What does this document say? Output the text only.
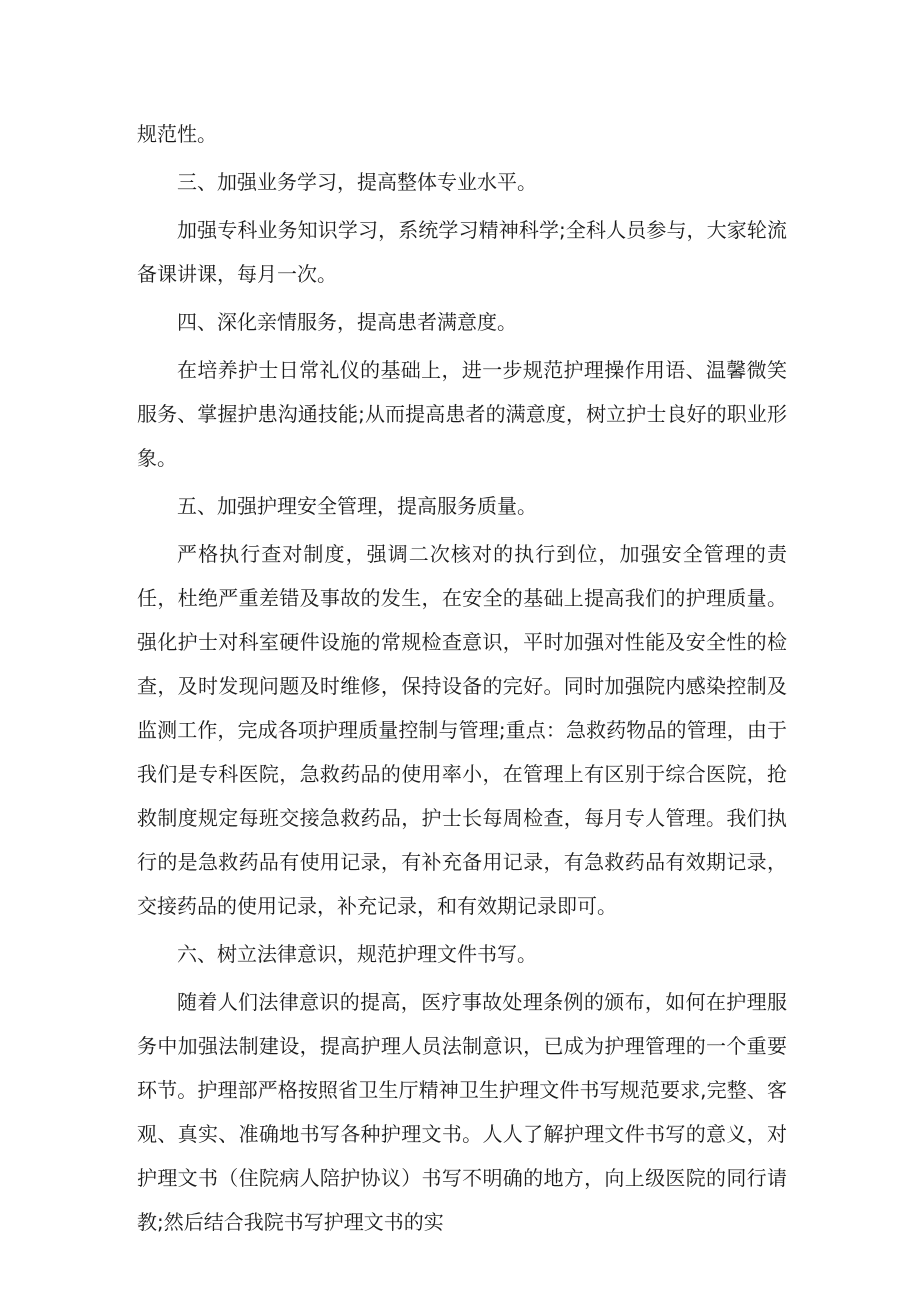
规范性。

三、加强业务学习，提高整体专业水平。

加强专科业务知识学习，系统学习精神科学;全科人员参与，大家轮流备课讲课，每月一次。

四、深化亲情服务，提高患者满意度。

在培养护士日常礼仪的基础上，进一步规范护理操作用语、温馨微笑服务、掌握护患沟通技能;从而提高患者的满意度，树立护士良好的职业形象。

五、加强护理安全管理，提高服务质量。

严格执行查对制度，强调二次核对的执行到位，加强安全管理的责任，杜绝严重差错及事故的发生，在安全的基础上提高我们的护理质量。强化护士对科室硬件设施的常规检查意识，平时加强对性能及安全性的检查，及时发现问题及时维修，保持设备的完好。同时加强院内感染控制及监测工作，完成各项护理质量控制与管理;重点：急救药物品的管理，由于我们是专科医院，急救药品的使用率小，在管理上有区别于综合医院，抢救制度规定每班交接急救药品，护士长每周检查，每月专人管理。我们执行的是急救药品有使用记录，有补充备用记录，有急救药品有效期记录，交接药品的使用记录，补充记录，和有效期记录即可。

六、树立法律意识，规范护理文件书写。

随着人们法律意识的提高，医疗事故处理条例的颁布，如何在护理服务中加强法制建设，提高护理人员法制意识，已成为护理管理的一个重要环节。护理部严格按照省卫生厅精神卫生护理文件书写规范要求,完整、客观、真实、准确地书写各种护理文书。人人了解护理文件书写的意义，对护理文书（住院病人陪护协议）书写不明确的地方，向上级医院的同行请教;然后结合我院书写护理文书的实
